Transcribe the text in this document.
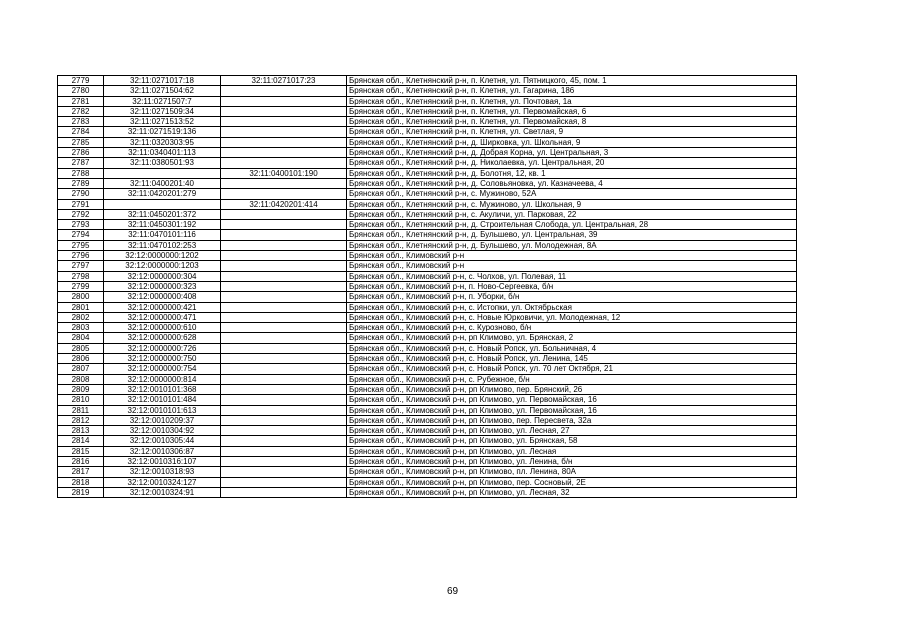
2779	32:11:0271017:18	32:11:0271017:23	Брянская обл., Клетнянский р-н, п. Клетня, ул. Пятницкого, 45, пом. 1
2780	32:11:0271504:62		Брянская обл., Клетнянский р-н, п. Клетня, ул. Гагарина, 186
2781	32:11:0271507:7		Брянская обл., Клетнянский р-н, п. Клетня, ул. Почтовая, 1а
2782	32:11:0271509:34		Брянская обл., Клетнянский р-н, п. Клетня, ул. Первомайская, 6
2783	32:11:0271513:52		Брянская обл., Клетнянский р-н, п. Клетня, ул. Первомайская, 8
2784	32:11:0271519:136		Брянская обл., Клетнянский р-н, п. Клетня, ул. Светлая, 9
2785	32:11:0320303:95		Брянская обл., Клетнянский р-н, д. Ширковка, ул. Школьная, 9
2786	32:11:0340401:113		Брянская обл., Клетнянский р-н, д. Добрая Корна, ул. Центральная, 3
2787	32:11:0380501:93		Брянская обл., Клетнянский р-н, д. Николаевка, ул. Центральная, 20
2788		32:11:0400101:190	Брянская обл., Клетнянский р-н, д. Болотня, 12, кв. 1
2789	32:11:0400201:40		Брянская обл., Клетнянский р-н, д. Соловьяновка, ул. Казначеева, 4
2790	32:11:0420201:279		Брянская обл., Клетнянский р-н, с. Мужиново, 52А
2791		32:11:0420201:414	Брянская обл., Клетнянский р-н, с. Мужиново, ул. Школьная, 9
2792	32:11:0450201:372		Брянская обл., Клетнянский р-н, с. Акуличи, ул. Парковая, 22
2793	32:11:0450301:192		Брянская обл., Клетнянский р-н, д. Строительная Слобода, ул. Центральная, 28
2794	32:11:0470101:116		Брянская обл., Клетнянский р-н, д. Бульшево, ул. Центральная, 39
2795	32:11:0470102:253		Брянская обл., Клетнянский р-н, д. Бульшево, ул. Молодежная, 8А
2796	32:12:0000000:1202		Брянская обл., Климовский р-н
2797	32:12:0000000:1203		Брянская обл., Климовский р-н
2798	32:12:0000000:304		Брянская обл., Климовский р-н, с. Чолхов, ул. Полевая, 11
2799	32:12:0000000:323		Брянская обл., Климовский р-н, п. Ново-Сергеевка, б/н
2800	32:12:0000000:408		Брянская обл., Климовский р-н, п. Уборки, б/н
2801	32:12:0000000:421		Брянская обл., Климовский р-н, с. Истопки, ул. Октябрьская
2802	32:12:0000000:471		Брянская обл., Климовский р-н, с. Новые Юрковичи, ул. Молодежная, 12
2803	32:12:0000000:610		Брянская обл., Климовский р-н, с. Курозново, б/н
2804	32:12:0000000:628		Брянская обл., Климовский р-н, рп Климово, ул. Брянская, 2
2805	32:12:0000000:726		Брянская обл., Климовский р-н, с. Новый Ропск, ул. Больничная, 4
2806	32:12:0000000:750		Брянская обл., Климовский р-н, с. Новый Ропск, ул. Ленина, 145
2807	32:12:0000000:754		Брянская обл., Климовский р-н, с. Новый Ропск, ул. 70 лет Октября, 21
2808	32:12:0000000:814		Брянская обл., Климовский р-н, с. Рубежное, б/н
2809	32:12:0010101:368		Брянская обл., Климовский р-н, рп Климово, пер. Брянский, 26
2810	32:12:0010101:484		Брянская обл., Климовский р-н, рп Климово, ул. Первомайская, 16
2811	32:12:0010101:613		Брянская обл., Климовский р-н, рп Климово, ул. Первомайская, 16
2812	32:12:0010209:37		Брянская обл., Климовский р-н, рп Климово, пер. Пересвета, 32а
2813	32:12:0010304:92		Брянская обл., Климовский р-н, рп Климово, ул. Лесная, 27
2814	32:12:0010305:44		Брянская обл., Климовский р-н, рп Климово, ул. Брянская, 58
2815	32:12:0010306:87		Брянская обл., Климовский р-н, рп Климово, ул. Лесная
2816	32:12:0010316:107		Брянская обл., Климовский р-н, рп Климово, ул. Ленина, б/н
2817	32:12:0010318:93		Брянская обл., Климовский р-н, рп Климово, пл. Ленина, 80А
2818	32:12:0010324:127		Брянская обл., Климовский р-н, рп Климово, пер. Сосновый, 2Е
2819	32:12:0010324:91		Брянская обл., Климовский р-н, рп Климово, ул. Лесная, 32
69
